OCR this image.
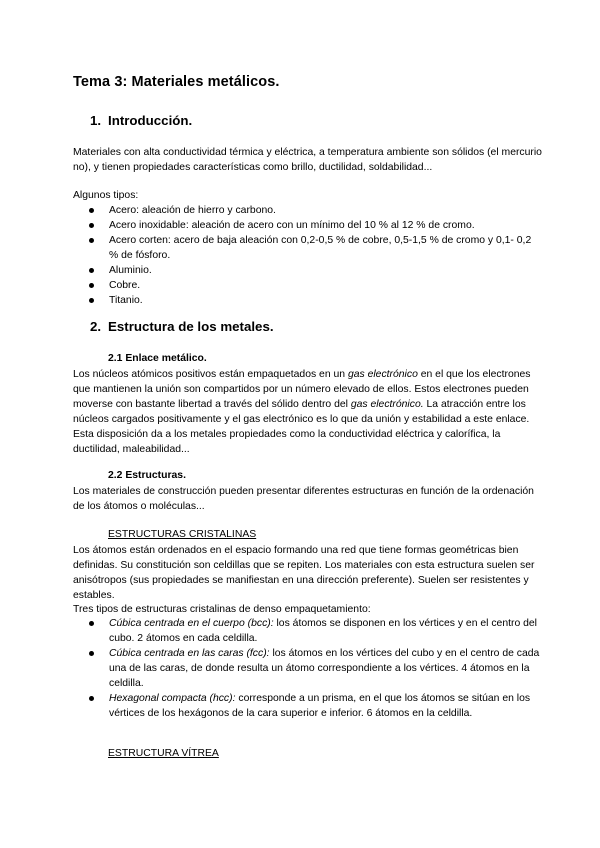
Tema 3: Materiales metálicos.
1. Introducción.

Materiales con alta conductividad térmica y eléctrica, a temperatura ambiente son sólidos (el mercurio no), y tienen propiedades características como brillo, ductilidad, soldabilidad...

Algunos tipos:

Acero: aleación de hierro y carbono.
Acero inoxidable: aleación de acero con un mínimo del 10 % al 12 % de cromo.
Acero corten: acero de baja aleación con 0,2-0,5 % de cobre, 0,5-1,5 % de cromo y 0,1- 0,2 % de fósforo.
Aluminio.
Cobre.
Titanio.
2. Estructura de los metales.
2.1 Enlace metálico.

Los núcleos atómicos positivos están empaquetados en un gas electrónico en el que los electrones que mantienen la unión son compartidos por un número elevado de ellos. Estos electrones pueden moverse con bastante libertad a través del sólido dentro del gas electrónico. La atracción entre los núcleos cargados positivamente y el gas electrónico es lo que da unión y estabilidad a este enlace. Esta disposición da a los metales propiedades como la conductividad eléctrica y calorífica, la ductilidad, maleabilidad...

2.2 Estructuras.

Los materiales de construcción pueden presentar diferentes estructuras en función de la ordenación de los átomos o moléculas...

ESTRUCTURAS CRISTALINAS

Los átomos están ordenados en el espacio formando una red que tiene formas geométricas bien definidas. Su constitución son celdillas que se repiten. Los materiales con esta estructura suelen ser anisótropos (sus propiedades se manifiestan en una dirección preferente). Suelen ser resistentes y estables.

Tres tipos de estructuras cristalinas de denso empaquetamiento:

Cúbica centrada en el cuerpo (bcc): los átomos se disponen en los vértices y en el centro del cubo. 2 átomos en cada celdilla.
Cúbica centrada en las caras (fcc): los átomos en los vértices del cubo y en el centro de cada una de las caras, de donde resulta un átomo correspondiente a los vértices. 4 átomos en la celdilla.
Hexagonal compacta (hcc): corresponde a un prisma, en el que los átomos se sitúan en los vértices de los hexágonos de la cara superior e inferior. 6 átomos en la celdilla.
ESTRUCTURA VÍTREA
